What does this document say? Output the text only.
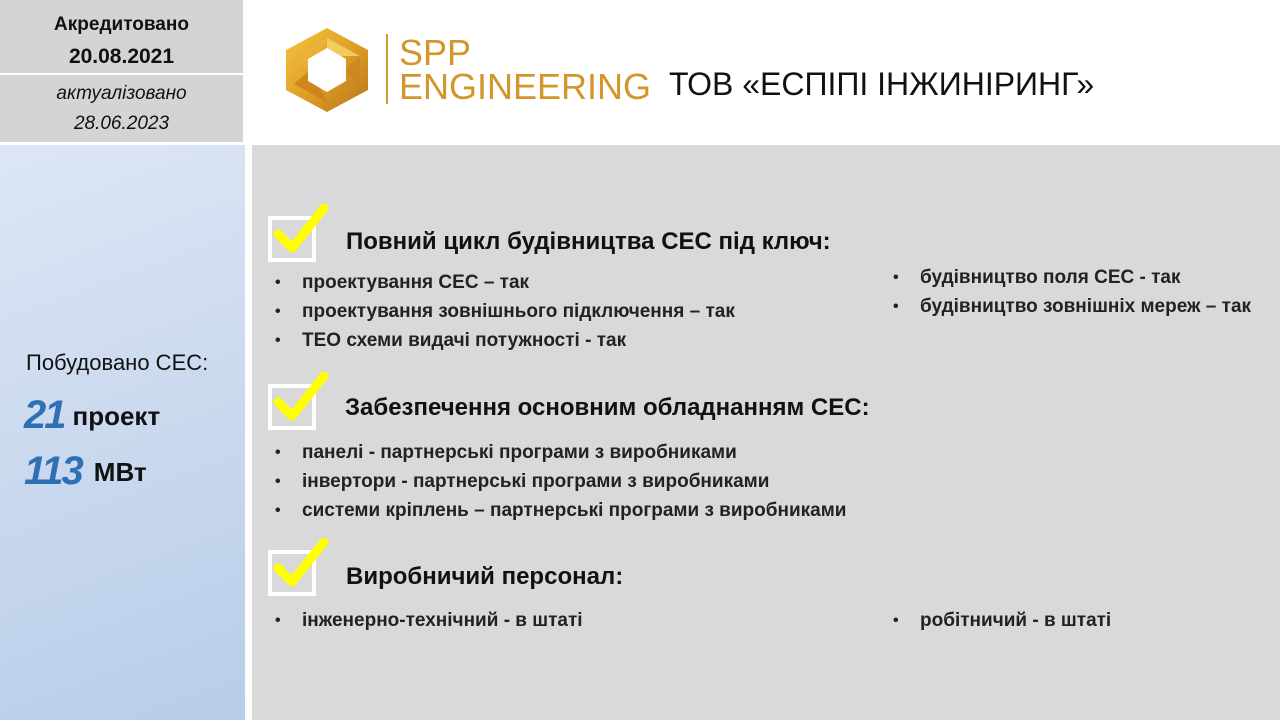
Акредитовано
20.08.2021
актуалізовано
28.06.2023
Побудовано СЕС:
21 проект
113 МВт
SPP
ENGINEERING ТОВ «ЕСПІПІ ІНЖИНІРИНГ»
Повний цикл будівництва СЕС під ключ:
• проектування СЕС – так
• проектування зовнішнього підключення – так
• ТЕО схеми видачі потужності - так
• будівництво поля СЕС - так
• будівництво зовнішніх мереж – так
Забезпечення основним обладнанням СЕС:
• панелі - партнерські програми з виробниками
• інвертори - партнерські програми з виробниками
• системи кріплень – партнерські програми з виробниками
Виробничий персонал:
• інженерно-технічний - в штаті
•	робітничий - в штаті
